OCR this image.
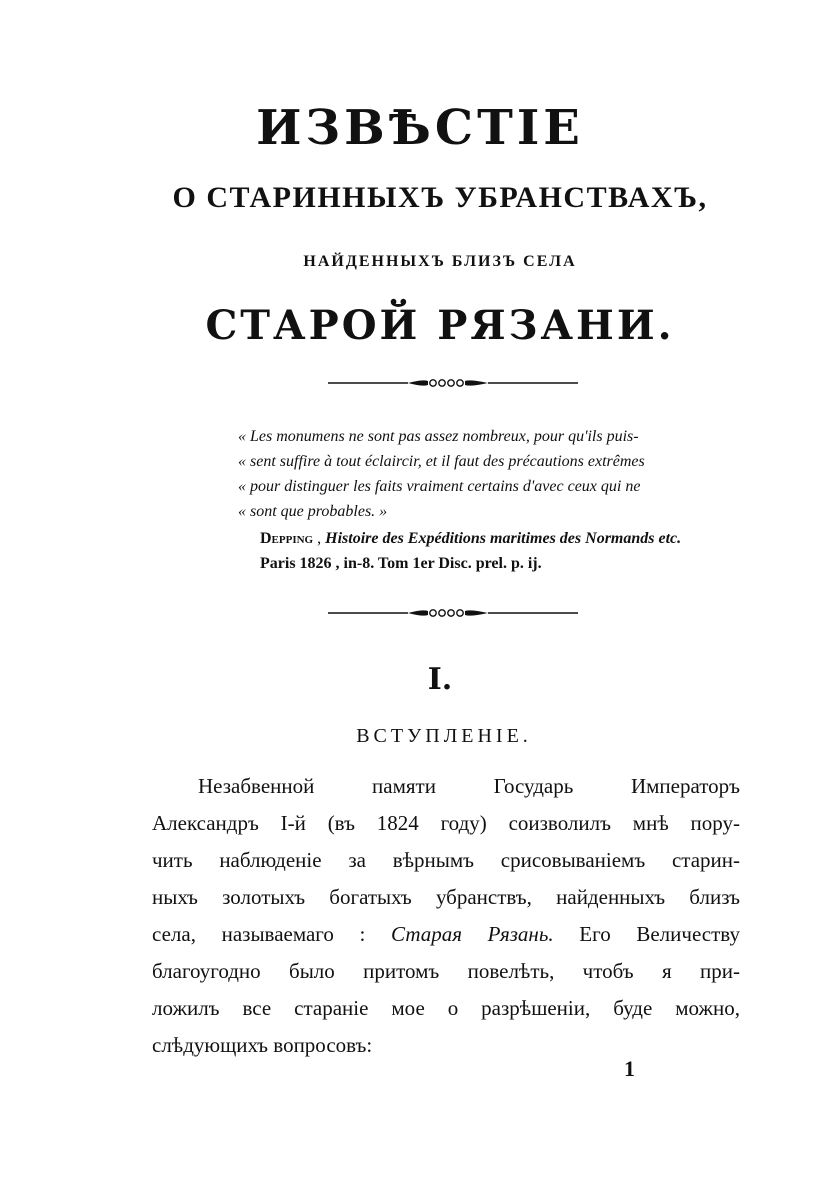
ИЗВѢСТІЕ
О СТАРИННЫХЪ УБРАНСТВАХЪ,
НАЙДЕННЫХЪ БЛИЗЪ СЕЛА
СТАРОЙ РЯЗАНИ.
« Les monumens ne sont pas assez nombreux, pour qu'ils puis-
« sent suffire à tout éclaircir, et il faut des précautions extrêmes
« pour distinguer les faits vraiment certains d'avec ceux qui ne
« sont que probables. »
Depping , Histoire des Expéditions maritimes des Normands etc.
Paris 1826 , in-8. Tom 1er Disc. prel. p. ij.
I.
ВСТУПЛЕНІЕ.
Незабвенной памяти Государь Императоръ
Александръ I-й (въ 1824 году) соизволилъ мнѣ пору-
чить наблюденіе за вѣрнымъ срисовываніемъ старин-
ныхъ золотыхъ богатыхъ убранствъ, найденныхъ близъ
села, называемаго : Старая Рязань. Его Величеству
благоугодно было притомъ повелѣть, чтобъ я при-
ложилъ все стараніе мое о разрѣшеніи, буде можно,
слѣдующихъ вопросовъ:
1
